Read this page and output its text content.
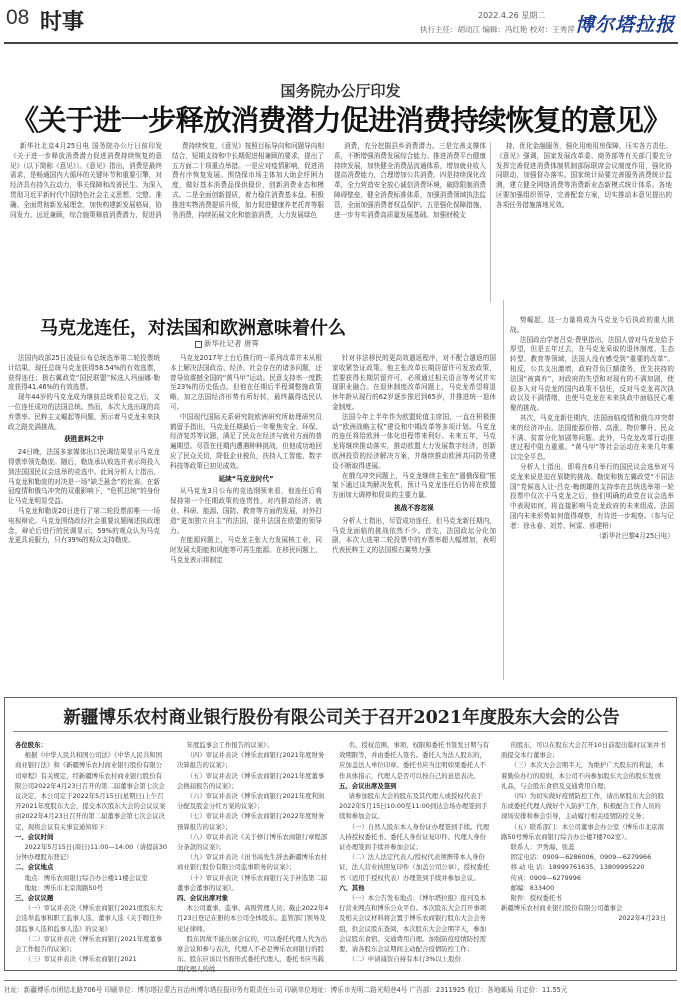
08 时事	2022.4.26 星期二
执行主任：胡动江 编辑：冯红艳 校对：王秀萍 博尔塔拉报
国务院办公厅印发
《关于进一步释放消费潜力促进消费持续恢复的意见》

新华社北京4月25日电 国务院办公厅日前印发《关于进一步释放消费潜力促进消费持续恢复的意见》（以下简称《意见》）。《意见》指出，消费是最终需求，是畅通国内大循环的关键环节和重要引擎，对经济具有持久拉动力，事关保障和改善民生。为深入贯彻习近平新时代中国特色社会主义思想，完整、准确、全面贯彻新发展理念，加快构建新发展格局，协同发力、远近兼顾，综合施策释放消费潜力，促进消

费持续恢复，《意见》按照目标导向和问题导向相结合，短期支持和中长期促进相兼顾的要求，提出了五方面二十项重点举措。一是应对疫情影响，促进消费有序恢复发展。围绕保市场主体加大助企纾困力度，做好基本消费品保供稳价，创新消费业态和模式。二是全面创新提质，着力稳住消费基本盘。积极推进实物消费提质升级，加力促进健康养老托育等服务消费，持续拓展文化和旅游消费，大力发展绿色

消费，充分挖掘县乡消费潜力。三是完善支撑体系，不断增强消费发展综合能力。推进消费平台健康持续发展，加快健全消费品流通体系，增加就业收入提高消费能力，合理增加公共消费。四是持续深化改革，全力营造安全放心诚信消费环境，破除限制消费障碍壁垒，健全消费标准体系，加强消费领域执法监管，全面加强消费者权益保护。五是强化保障措施，进一步夯实消费高质量发展基础。加强财税支

持，优化金融服务，强化用地用房保障，压实各方责任。《意见》强调，国家发展改革委、商务部等有关部门要充分发挥完善促进消费体制机制部际联席会议制度作用，强化协同联动，加强督办落实。国家统计局要完善服务消费统计监测，建立健全网络消费等消费新业态新模式统计体系。各地区要加强组织领导，完善配套方案，切实推动本意见提出的各项任务措施落地见效。

马克龙连任，对法国和欧洲意味着什么
新华社记者 唐霁

法国内政部25日凌晨公布总统选举第二轮投票统计结果，现任总统马克龙获得58.54%的有效选票，获得连任；极右翼政党“国民联盟”候选人玛丽娜·勒庞获得41.46%的有效选票。

现年44岁的马克龙成为继前总统希拉克之后，又一位连任成功的法国总统。然而，本次大选出现的高弃票率、民粹主义崛起等问题，预示着马克龙未来执政之路充满挑战。

获胜意料之中

24日晚，法国多家媒体出口民调结果显示马克龙得票率领先勒庞。随后，勒庞承认败选并表示将投入到法国国民议会选举的竞选中。此间分析人士指出，马克龙和勒庞的对决是一场“缺乏悬念”的比赛。在新冠疫情和俄乌冲突的双重影响下，“危机总统”的身份让马克龙明显受益。

马克龙和勒庞20日进行了第二轮投票前唯一一场电视辩论。马克龙围绕政经社会重要议题阐述执政理念，辩论后进行的民调显示，59%的观众认为马克龙更具说服力，只有39%的观众支持勒庞。

马克龙2017年上台后推行的一系列改革并未从根本上解决法国政治、经济、社会存在的诸多问题，还曾导致震撼全国的“黄马甲”运动。民意支持率一度跌至23%的历史低点。但他在任期后半程调整施政策略，加之法国经济形势有所好转，最终赢得选民认可。

中国现代国际关系研究院欧洲研究所助理研究员鹤留予指出，马克龙任期最后一年聚焦安全、环保、经济复苏等议题，满足了民众在经济与就业方面的普遍期望。尽管在任期内遭遇种种挑战，但他成功地回应了民众关切，降低企业税负，扶持人工智能、数字科技等政策已初见成效。

延续“马克龙时代”

从马克龙3月公布的竞选纲领来看，他连任后将保持第一个任期政策的连贯性，对内推动经济、就业、科研、能源、国防、教育等方面的发展，对外打造“更加独立自主”的法国，提升法国在欧盟的领导力。

在能源问题上，马克龙主张大力发展核工业，同时发展太阳能和风能等可再生能源。在移民问题上，马克龙表示将制定

针对非法移民的更高效遣返程序，对不配合遣返的国家收紧签证政策。他主张改革长期居留许可发放政策，若要获得长期居留许可，必须通过相关语言等考试并实现职业融合。在退休制度改革问题上，马克龙希望将退休年龄从现行的62岁逐步推迟到65岁，并推进统一退休金制度。

法国今年上半年作为欧盟轮值主席国，一直在积极推动“欧洲战略主权”建设和中期改革等多项计划。马克龙的连任将给欧洲一体化进程带来利好。未来五年，马克龙将继续推动落实，推动欧盟大力发展数字经济，创新欧洲投资的经济解决方案，并继续推动欧洲共同防务建设不断取得进展。

在俄乌冲突问题上，马克龙继续主张在“遏俄保稳”框架下通过谈判解决危机，预计马克龙连任后仍将在欧盟方面加大调停和促谈的主要力量。

挑战不容忽视

分析人士指出，尽管成功连任，但马克龙新任期内，马克龙面临的挑战依然不少。首先，法国政坛分化加剧，本次大选第二轮投票中的弃票率超大幅增加，表明代表民粹主义的法国极右翼势力强

势崛起，这一力量将成为马克龙今后执政的重大挑战。

法国政治学者吕克·费里指出，法国人曾对马克龙给予厚望，但是五年过去，在马克龙采取的退休制度、生态转型、教育等领域，法国人没有感受到“重要的改革”。相反，公共支出激增，政府背负巨额债务，优先扶持的法国“被离弃”，对政府的失望和对现有的不满加剧，使很多人对马克龙的国内政策不信任，反对马克龙再次执政以及不满情绪，也使马克龙在未来执政中面临民心难聚的挑战。

其次，马克龙新任期内，法国面临疫情和俄乌冲突带来的经济冲击。法国能源价格、高涨、物价攀升、民众不满、贫富分化加剧等问题。此外，马克龙改革行动推进过程中阻力重重。“黄马甲”等社会运动在未来几年难以完全平息。

分析人士指出，即将在6月举行的国民议会选举对马克龙来说是迫在眉睫的挑战。勒庞和极左翼政党“不屈法国”党候选人让-吕克·梅朗雄的支持率在总统选举第一轮投票中仅次于马克龙之后，他们明确的政党在议会选举中表现如何，将直接影响马克龙政府的未来组成。法国国内未来形势如何值得观察，有待进一步观察。（参与记者：徐永春、刘芳、柯雷、邢建桥）

（新华社巴黎4月25日电）

新疆博乐农村商业银行股份有限公司关于召开2021年度股东大会的公告

各位股东：

根据《中华人民共和国公司法》《中华人民共和国商业银行法》和《新疆博乐农村商业银行股份有限公司章程》有关规定，经新疆博乐农村商业银行股份有限公司2022年4月23日召开的第二届董事会第七次会议决定，本公司定于2022年5月15日(星期日)上午召开2021年度股东大会，提交本次股东大会的会议议案由2022年4月23日召开的第二届董事会第七次会议决定，现将会议有关事宜通知如下：

一、会议时间

2022年5月15日(周日)11:00—14:00（请提前30分钟办理股东登记）

二、会议地点

地点：博乐农商银行综合办公楼11楼会议室

地址：博乐市北京南路50号

三、会议议题

（一）审议并表决《博乐农商银行2021度股东大会选举监事和职工监事人选、董事人选《关于聘任外部监事人选和监事人选》的议案》

（二）审议并表决《博乐农商银行2021年度董事会工作报告的议案》；

（三）审议并表决《博乐农商银行2021

年度监事会工作报告的议案》；

（四）审议并表决《博乐农商银行2021年度财务决算报告的议案》；

（五）审议并表决《博乐农商银行2021年度董事会换届报告的议案》；

（六）审议并表决《博乐农商银行2021年度利润分配及股金分红方案的议案》；

（七）审议并表决《博乐农商银行2022年度财务预算报告的议案》；

（八）审议并表决《关于修订博乐农商银行章程部分条款的议案》；

（九）审议并表决《田书高先生辞去新疆博乐农村商业银行股份有限公司监事职务的议案》；

（十）审议并表决《博乐农商银行关于补选第二届董事会董事的议案》。

四、会议出席对象

本公司董事、监事、高级管理人员；截止2022年4月23日登记在册的本公司全体股东。监管部门领导及见证律师。

股东因故不能出席会议的，可以委托代理人代为出席会议和参与表决，代理人不必是博乐农商银行的股东。股东应该以书面形式委托代理人，委托书应当载明代理人的姓

名、授权范围、事项、权限和委托书签发日期与有效期限等，并由委托人签名。委托人为法人股东的，应加盖法人单位印章。委托书应当注明如果委托人不作具体指示，代理人是否可以按自己的意思表决。

五、会议出席及签到

请参加股东大会的股东及其代理人或授权代表于2022年5月15日10:00至11:00到达会场办理签到手续和参加会议。

（一）自然人股东本人身份证办理签到手续。代理人持授权委托书、委托人身份证复印件、代理人身份证办理签到手续并参加会议；

（二）法人法定代表人/授权代表须携带本人身份证、法人营业执照复印件（加盖公司公章）、授权委托书（适用于授权代表）办理签到手续并参加会议。

六、其他

（一）本公告发布地点：《博尔塔拉报》报刊及本行营业网点和博乐公众平台。本次股东大会召开事项及相关会议材料将会置于博乐农商银行股东大会会务组，供会议股东查阅，本次股东大会会期半天，参加会议股东食宿、交通费用自理。加强防疫疫情防控需要，请各股东会议期间主动配合疫情防控工作；

（二）申请减资自持有本行3%以上股份

的股东，可以在股东大会召开10日前提出临时议案并书面提交本行董事会；

（三）本次大会会期半天，为维护广大股东的利益，本着勤俭办行的原则，本公司不向参加股东大会的股东发放礼品，与会股东食宿及交通费用自理；

（四）为切实做好疫情防控工作，请出席股东大会的股东或委托代理人做好个人防护工作，积极配合工作人员的现场安排和参会引导，主动履行相关疫情防控义务；

（五）联系部门：本公司董事会办公室（博乐市北京南路50号博乐农商银行综合办公楼7楼702室）。

联系人：尹秀海、张蕊

固定电话：0909—6286006、0909—6279966

移 动 电 话：18999761635、13809995220

传真：0909—6279996

邮编：833400

附件：授权委托书

新疆博乐农村商业银行股份有限公司董事会

2022年4月23日

社址：新疆博乐市团结北路706号 印刷单位：博尔塔拉蒙古自治州博尔塔拉报印务有限责任公司 印刷单位地址：博乐市光明二路光明巷4号 广告部：2311925 收订：各地邮局 月定价：11.55元
